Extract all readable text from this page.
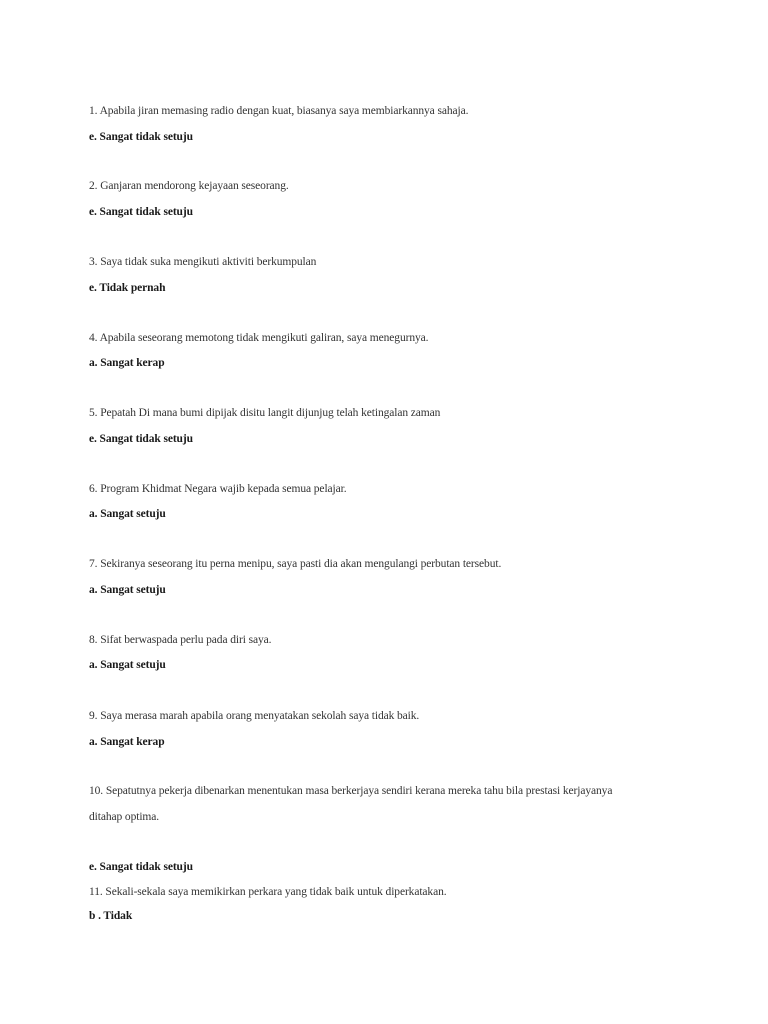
1. Apabila jiran memasing radio dengan kuat, biasanya saya membiarkannya sahaja.
e. Sangat tidak setuju
2. Ganjaran mendorong kejayaan seseorang.
e. Sangat tidak setuju
3. Saya tidak suka mengikuti aktiviti berkumpulan
e. Tidak pernah
4. Apabila seseorang memotong tidak mengikuti galiran, saya menegurnya.
a. Sangat kerap
5. Pepatah Di mana bumi dipijak disitu langit dijunjug telah ketingalan zaman
e. Sangat tidak setuju
6. Program Khidmat Negara wajib kepada semua pelajar.
a. Sangat setuju
7. Sekiranya seseorang itu perna menipu, saya pasti dia akan mengulangi perbutan tersebut.
a. Sangat setuju
8. Sifat berwaspada perlu pada diri saya.
a. Sangat setuju
9. Saya merasa marah apabila orang menyatakan sekolah saya tidak baik.
a. Sangat kerap
10. Sepatutnya pekerja dibenarkan menentukan masa berkerjaya sendiri kerana mereka tahu bila prestasi kerjayanya
ditahap optima.
e. Sangat tidak setuju
11. Sekali-sekala saya memikirkan perkara yang tidak baik untuk diperkatakan.
b . Tidak
